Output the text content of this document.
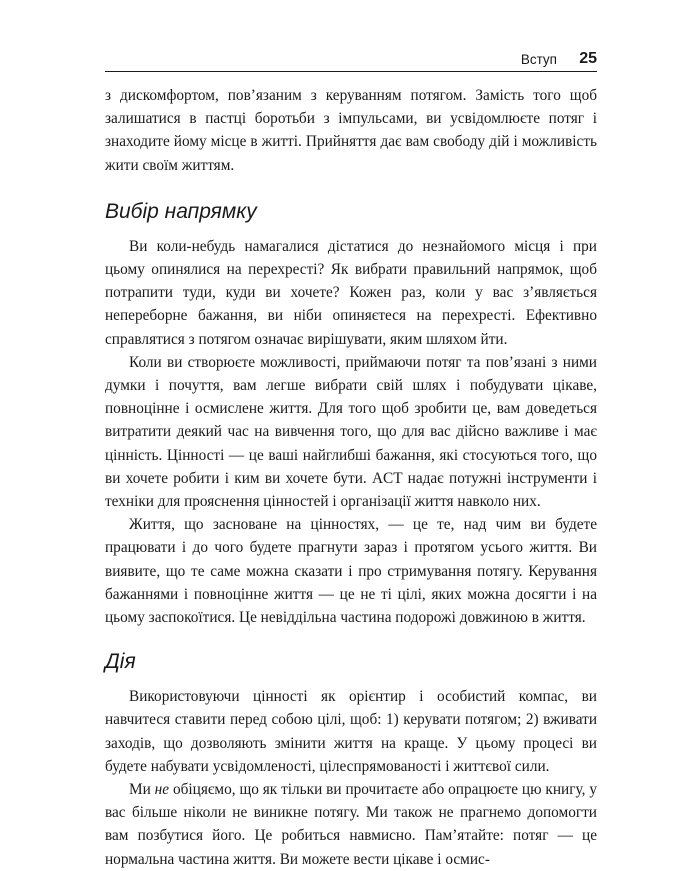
Вступ 25

з дискомфортом, пов’язаним з керуванням потягом. Замість того щоб залишатися в пастці боротьби з імпульсами, ви усвідомлюєте потяг і знаходите йому місце в житті. Прийняття дає вам свободу дій і можливість жити своїм життям.

Вибір напрямку

Ви коли-небудь намагалися дістатися до незнайомого місця і при цьому опинялися на перехресті? Як вибрати правильний напрямок, щоб потрапити туди, куди ви хочете? Кожен раз, коли у вас з’являється непереборне бажання, ви ніби опиняєтеся на перехресті. Ефективно справлятися з потягом означає вирішувати, яким шляхом йти.

Коли ви створюєте можливості, приймаючи потяг та пов’язані з ними думки і почуття, вам легше вибрати свій шлях і побудувати цікаве, повноцінне і осмислене життя. Для того щоб зробити це, вам доведеться витратити деякий час на вивчення того, що для вас дійсно важливе і має цінність. Цінності — це ваші найглибші бажання, які стосуються того, що ви хочете робити і ким ви хочете бути. ACT надає потужні інструменти і техніки для прояснення цінностей і організації життя навколо них.

Життя, що засноване на цінностях, — це те, над чим ви будете працювати і до чого будете прагнути зараз і протягом усього життя. Ви виявите, що те саме можна сказати і про стримування потягу. Керування бажаннями і повноцінне життя — це не ті цілі, яких можна досягти і на цьому заспокоїтися. Це невіддільна частина подорожі довжиною в життя.

Дія

Використовуючи цінності як орієнтир і особистий компас, ви навчитеся ставити перед собою цілі, щоб: 1) керувати потягом; 2) вживати заходів, що дозволяють змінити життя на краще. У цьому процесі ви будете набувати усвідомленості, цілеспрямованості і життєвої сили.

Ми не обіцяємо, що як тільки ви прочитаєте або опрацюєте цю книгу, у вас більше ніколи не виникне потягу. Ми також не прагнемо допомогти вам позбутися його. Це робиться навмисно. Пам’ятайте: потяг — це нормальна частина життя. Ви можете вести цікаве і осмис-
